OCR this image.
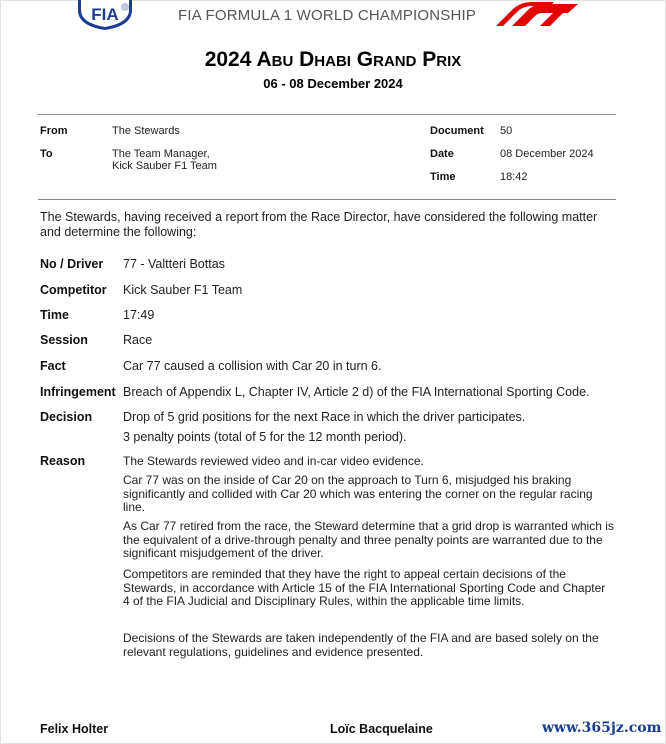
FIA	FIA FORMULA 1 WORLD CHAMPIONSHIP
2024 Abu Dhabi Grand Prix
06 - 08 December 2024
From	The Stewards
To	The Team Manager,
Kick Sauber F1 Team
Document 50
Date	08 December 2024
Time	18:42
The Stewards, having received a report from the Race Director, have considered the following matter and determine the following:
No / Driver 77 - Valtteri Bottas
Competitor Kick Sauber F1 Team
Time	17:49
Session	Race
Fact	Car 77 caused a collision with Car 20 in turn 6.
Infringement Breach of Appendix L, Chapter IV, Article 2 d) of the FIA International Sporting Code.
Decision Drop of 5 grid positions for the next Race in which the driver participates.
3 penalty points (total of 5 for the 12 month period).
Reason	The Stewards reviewed video and in-car video evidence.
Car 77 was on the inside of Car 20 on the approach to Turn 6, misjudged his braking significantly and collided with Car 20 which was entering the corner on the regular racing line.
As Car 77 retired from the race, the Steward determine that a grid drop is warranted which is the equivalent of a drive-through penalty and three penalty points are warranted due to the significant misjudgement of the driver.
Competitors are reminded that they have the right to appeal certain decisions of the Stewards, in accordance with Article 15 of the FIA International Sporting Code and Chapter 4 of the FIA Judicial and Disciplinary Rules, within the applicable time limits.
Decisions of the Stewards are taken independently of the FIA and are based solely on the relevant regulations, guidelines and evidence presented.
Felix Holter	Loïc Bacquelaine	www.365jz.com
